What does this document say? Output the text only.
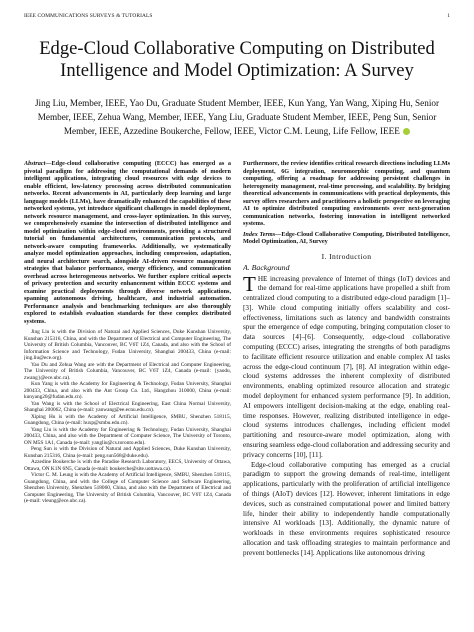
IEEE COMMUNICATIONS SURVEYS & TUTORIALS	1
Edge-Cloud Collaborative Computing on Distributed Intelligence and Model Optimization: A Survey
Jing Liu, Member, IEEE, Yao Du, Graduate Student Member, IEEE, Kun Yang, Yan Wang, Xiping Hu, Senior Member, IEEE, Zehua Wang, Member, IEEE, Yang Liu, Graduate Student Member, IEEE, Peng Sun, Senior Member, IEEE, Azzedine Boukerche, Fellow, IEEE, Victor C.M. Leung, Life Fellow, IEEE

Abstract—Edge-cloud collaborative computing (ECCC) has emerged as a pivotal paradigm for addressing the computational demands of modern intelligent applications, integrating cloud resources with edge devices to enable efficient, low-latency processing across distributed communication networks. Recent advancements in AI, particularly deep learning and large language models (LLMs), have dramatically enhanced the capabilities of these networked systems, yet introduce significant challenges in model deployment, network resource management, and cross-layer optimization. In this survey, we comprehensively examine the intersection of distributed intelligence and model optimization within edge-cloud environments, providing a structured tutorial on fundamental architectures, communication protocols, and network-aware computing frameworks. Additionally, we systematically analyze model optimization approaches, including compression, adaptation, and neural architecture search, alongside AI-driven resource management strategies that balance performance, energy efficiency, and communication overhead across heterogeneous networks. We further explore critical aspects of privacy protection and security enhancement within ECCC systems and examine practical deployments through diverse network applications, spanning autonomous driving, healthcare, and industrial automation. Performance analysis and benchmarking techniques are also thoroughly explored to establish evaluation standards for these complex distributed systems.

Jing Liu is with the Division of Natural and Applied Sciences, Duke Kunshan University, Kunshan 215316, China, and with the Department of Electrical and Computer Engineering, The University of British Columbia, Vancouver, BC V6T 1Z4, Canada, and also with the School of Information Science and Technology, Fudan University, Shanghai 200433, China (e-mail: jing.liu@ece.org).

Yao Du and Zehua Wang are with the Department of Electrical and Computer Engineering, The University of British Columbia, Vancouver, BC V6T 1Z4, Canada (e-mail: {yaodu, zwang}@ece.ubc.ca).

Kun Yang is with the Academy for Engineering & Technology, Fudan University, Shanghai 200433, China, and also with the Ant Group Co. Ltd., Hangzhou 310000, China (e-mail: kunyang20@fudan.edu.cn).

Yan Wang is with the School of Electrical Engineering, East China Normal University, Shanghai 200062, China (e-mail: yanwang@ee.ecnu.edu.cn).

Xiping Hu is with the Academy of Artificial Intelligence, SMBU, Shenzhen 518115, Guangdong, China (e-mail: huxp@smbu.edu.cn).

Yang Liu is with the Academy for Engineering & Technology, Fudan University, Shanghai 200433, China, and also with the Department of Computer Science, The University of Toronto, ON M5S 1A1, Canada (e-mail: yangliu@cs.toronto.edu).

Peng Sun is with the Division of Natural and Applied Sciences, Duke Kunshan University, Kunshan 215316, China (e-mail: peng.sun568@duke.edu).

Azzedine Boukerche is with the Paradise Research Laboratory, EECS, University of Ottawa, Ottawa, ON K1N 6N5, Canada (e-mail: boukerche@site.uottawa.ca).

Victor C. M. Leung is with the Academy of Artificial Intelligence, SMBU, Shenzhen 518115, Guangdong, China, and with the College of Computer Science and Software Engineering, Shenzhen University, Shenzhen 518060, China, and also with the Department of Electrical and Computer Engineering, The University of British Columbia, Vancouver, BC V6T 1Z4, Canada (e-mail: vleung@ece.ubc.ca).

Furthermore, the review identifies critical research directions including LLMs deployment, 6G integration, neuromorphic computing, and quantum computing, offering a roadmap for addressing persistent challenges in heterogeneity management, real-time processing, and scalability. By bridging theoretical advancements in communications with practical deployments, this survey offers researchers and practitioners a holistic perspective on leveraging AI to optimize distributed computing environments over next-generation communication networks, fostering innovation in intelligent networked systems.

Index Terms—Edge-Cloud Collaborative Computing, Distributed Intelligence, Model Optimization, AI, Survey

I. Introduction
A. Background

THE increasing prevalence of Internet of things (IoT) devices and the demand for real-time applications have propelled a shift from centralized cloud computing to a distributed edge-cloud paradigm [1]–[3]. While cloud computing initially offers scalability and cost-effectiveness, limitations such as latency and bandwidth constraints spur the emergence of edge computing, bringing computation closer to data sources [4]–[6]. Consequently, edge-cloud collaborative computing (ECCC) arises, integrating the strengths of both paradigms to facilitate efficient resource utilization and enable complex AI tasks across the edge-cloud continuum [7], [8]. AI integration within edge-cloud systems addresses the inherent complexity of distributed environments, enabling optimized resource allocation and strategic model deployment for enhanced system performance [9]. In addition, AI empowers intelligent decision-making at the edge, enabling real-time responses. However, realizing distributed intelligence in edge-cloud systems introduces challenges, including efficient model partitioning and resource-aware model optimization, along with ensuring seamless edge-cloud collaboration and addressing security and privacy concerns [10], [11].

Edge-cloud collaborative computing has emerged as a crucial paradigm to support the growing demands of real-time, intelligent applications, particularly with the proliferation of artificial intelligence of things (AIoT) devices [12]. However, inherent limitations in edge devices, such as constrained computational power and limited battery life, hinder their ability to independently handle computationally intensive AI workloads [13]. Additionally, the dynamic nature of workloads in these environments requires sophisticated resource allocation and task offloading strategies to maintain performance and prevent bottlenecks [14]. Applications like autonomous driving
